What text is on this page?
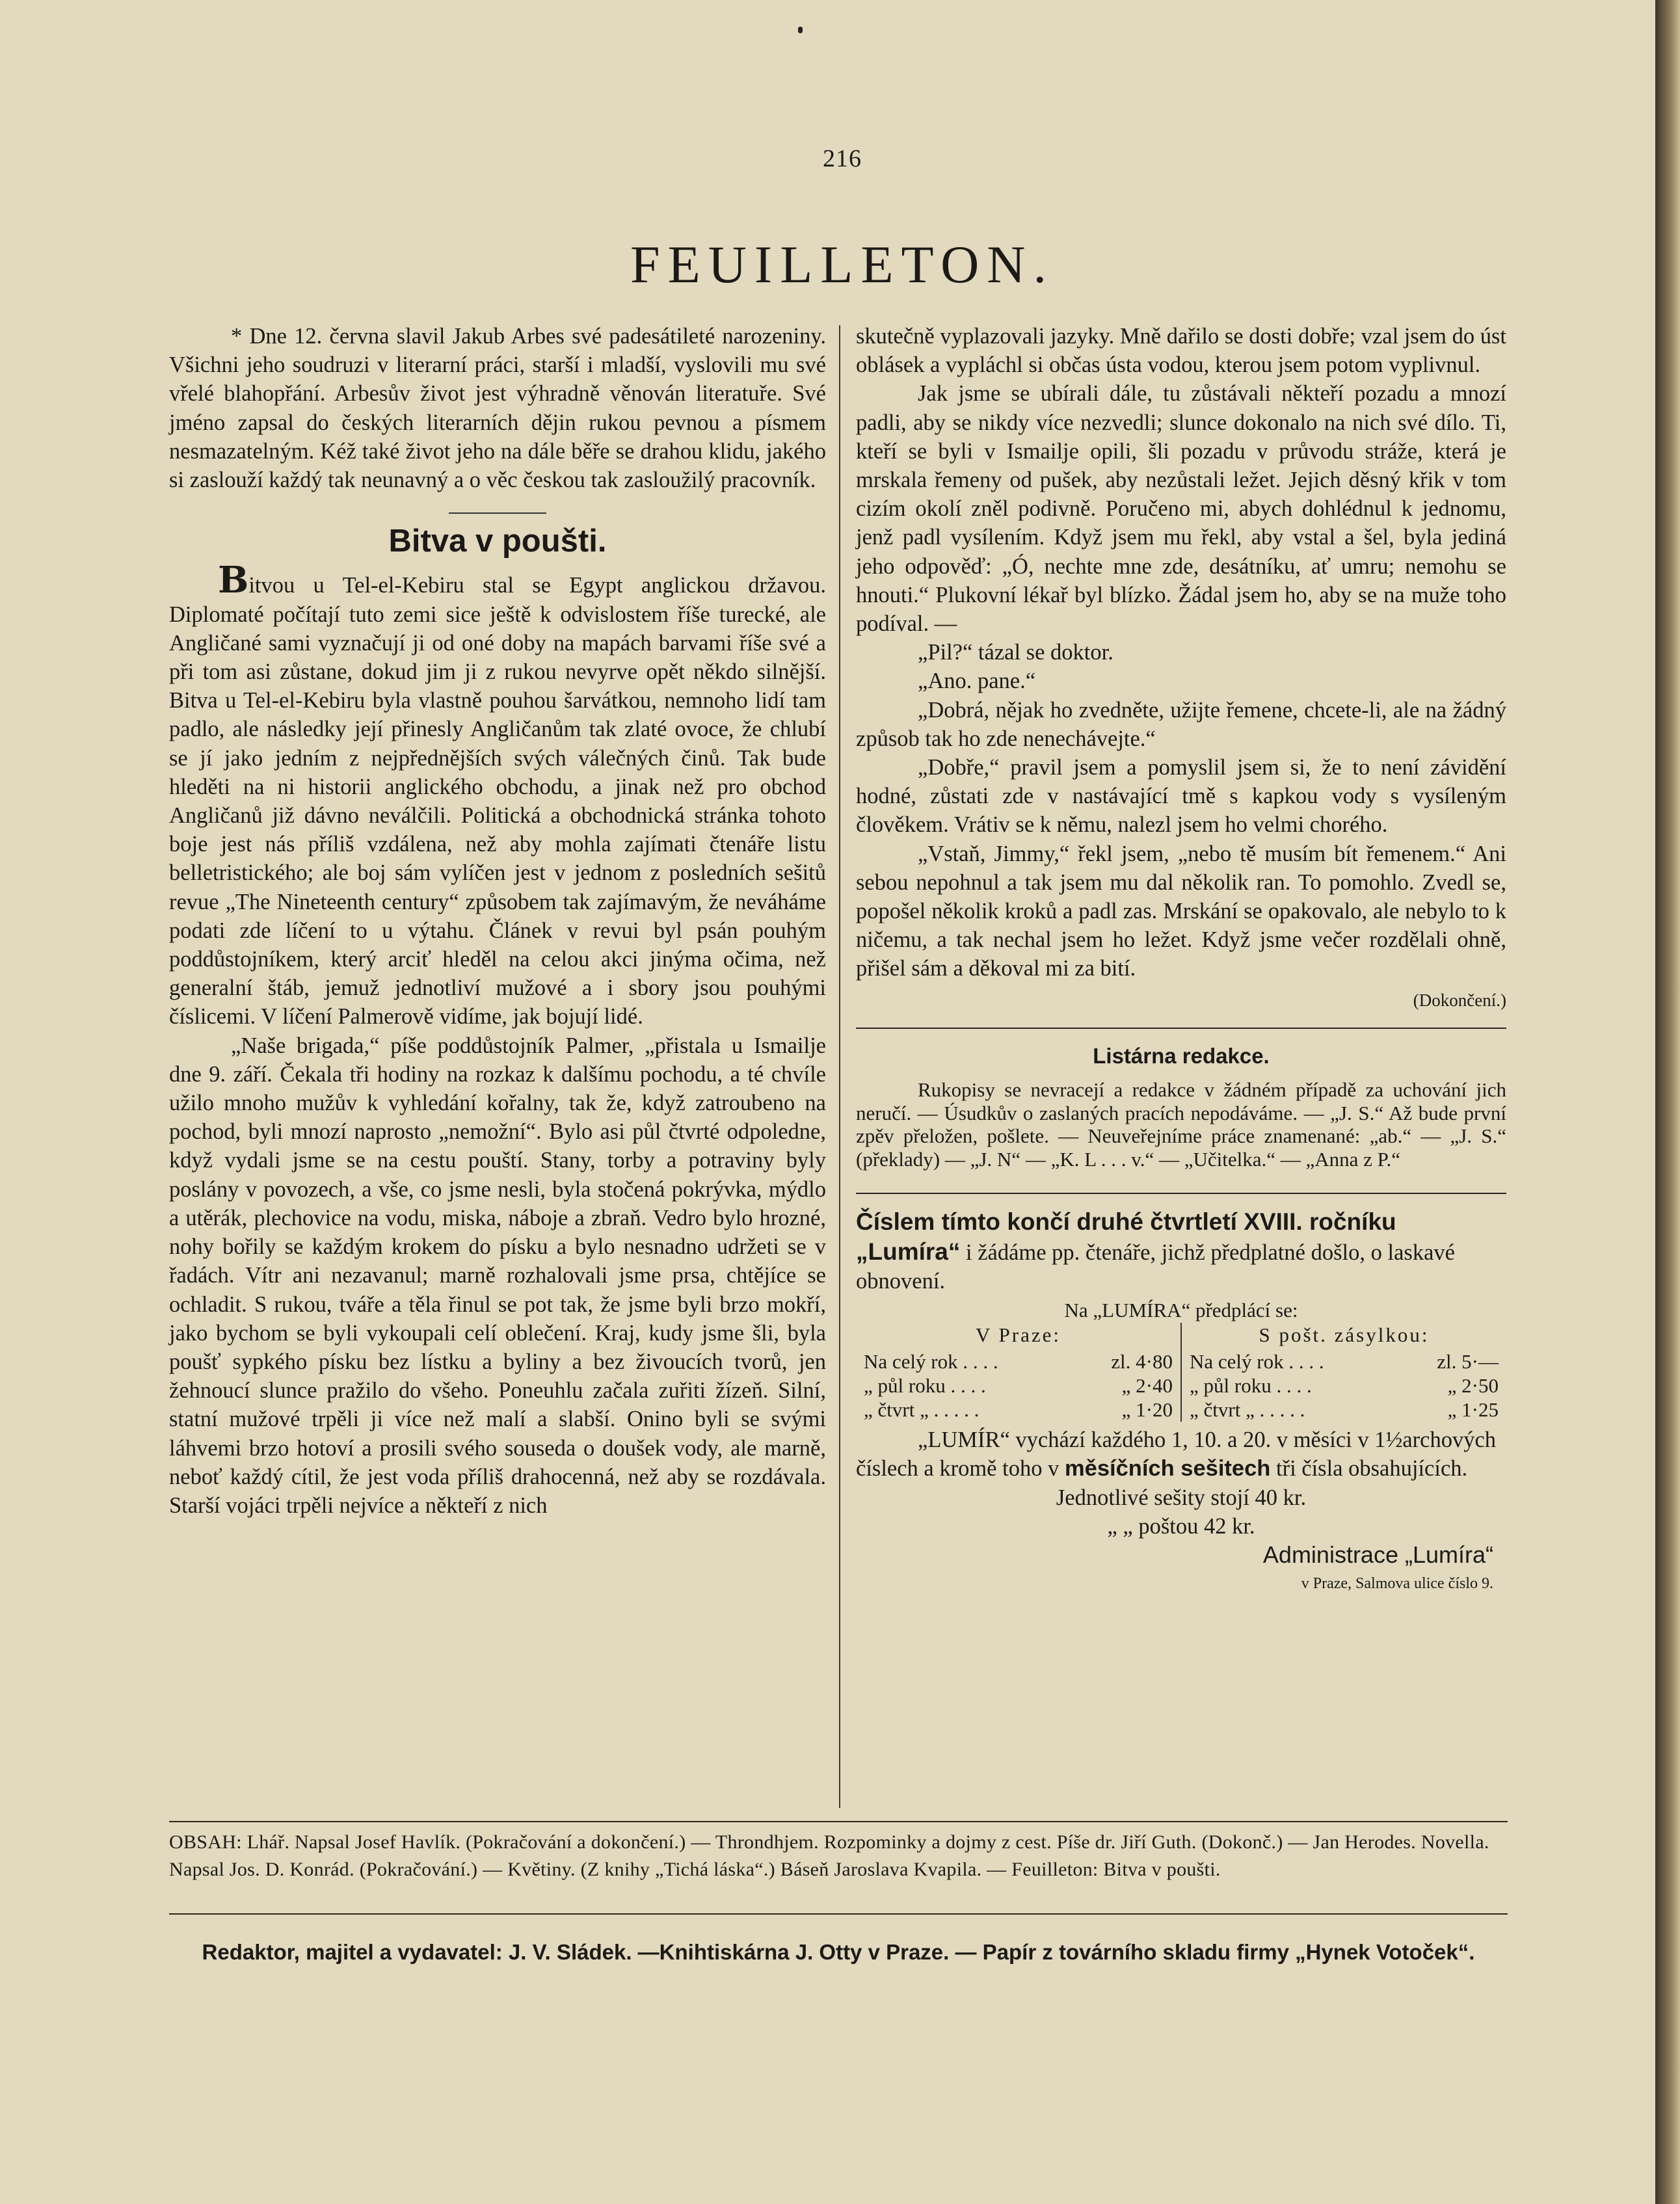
216
FEUILLETON.

* Dne 12. června slavil Jakub Arbes své padesátileté narozeniny. Všichni jeho soudruzi v literarní práci, starší i mladší, vyslovili mu své vřelé blahopřání. Arbesův život jest výhradně věnován literatuře. Své jméno zapsal do českých literarních dějin rukou pevnou a písmem nesmazatelným. Kéž také život jeho na dále běře se drahou klidu, jakého si zaslouží každý tak neunavný a o věc českou tak zasloužilý pracovník.

Bitva v poušti.

Bitvou u Tel-el-Kebiru stal se Egypt anglickou državou. Diplomaté počítají tuto zemi sice ještě k odvislostem říše turecké, ale Angličané sami vyznačují ji od oné doby na mapách barvami říše své a při tom asi zůstane, dokud jim ji z rukou nevyrve opět někdo silnější. Bitva u Tel-el-Kebiru byla vlastně pouhou šarvátkou, nemnoho lidí tam padlo, ale následky její přinesly Angličanům tak zlaté ovoce, že chlubí se jí jako jedním z nejpřednějších svých válečných činů. Tak bude hleděti na ni historii anglického obchodu, a jinak než pro obchod Angličanů již dávno neválčili. Politická a obchodnická stránka tohoto boje jest nás příliš vzdálena, než aby mohla zajímati čtenáře listu belletristického; ale boj sám vylíčen jest v jednom z posledních sešitů revue „The Nineteenth century“ způsobem tak zajímavým, že neváháme podati zde líčení to u výtahu. Článek v revui byl psán pouhým poddůstojníkem, který arciť hleděl na celou akci jinýma očima, než generalní štáb, jemuž jednotliví mužové a i sbory jsou pouhými číslicemi. V líčení Palmerově vidíme, jak bojují lidé.

„Naše brigada,“ píše poddůstojník Palmer, „přistala u Ismailje dne 9. září. Čekala tři hodiny na rozkaz k dalšímu pochodu, a té chvíle užilo mnoho mužův k vyhledání kořalny, tak že, když zatroubeno na pochod, byli mnozí naprosto „nemožní“. Bylo asi půl čtvrté odpoledne, když vydali jsme se na cestu pouští. Stany, torby a potraviny byly poslány v povozech, a vše, co jsme nesli, byla stočená pokrývka, mýdlo a utěrák, plechovice na vodu, miska, náboje a zbraň. Vedro bylo hrozné, nohy bořily se každým krokem do písku a bylo nesnadno udržeti se v řadách. Vítr ani nezavanul; marně rozhalovali jsme prsa, chtějíce se ochladit. S rukou, tváře a těla řinul se pot tak, že jsme byli brzo mokří, jako bychom se byli vykoupali celí oblečení. Kraj, kudy jsme šli, byla poušť sypkého písku bez lístku a byliny a bez živoucích tvorů, jen žehnoucí slunce pražilo do všeho. Poneuhlu začala zuřiti žízeň. Silní, statní mužové trpěli ji více než malí a slabší. Onino byli se svými láhvemi brzo hotoví a prosili svého souseda o doušek vody, ale marně, neboť každý cítil, že jest voda příliš drahocenná, než aby se rozdávala. Starší vojáci trpěli nejvíce a někteří z nich

skutečně vyplazovali jazyky. Mně dařilo se dosti dobře; vzal jsem do úst oblásek a vypláchl si občas ústa vodou, kterou jsem potom vyplivnul.

Jak jsme se ubírali dále, tu zůstávali někteří pozadu a mnozí padli, aby se nikdy více nezvedli; slunce dokonalo na nich své dílo. Ti, kteří se byli v Ismailje opili, šli pozadu v průvodu stráže, která je mrskala řemeny od pušek, aby nezůstali ležet. Jejich děsný křik v tom cizím okolí zněl podivně. Poručeno mi, abych dohlédnul k jednomu, jenž padl vysílením. Když jsem mu řekl, aby vstal a šel, byla jediná jeho odpověď: „Ó, nechte mne zde, desátníku, ať umru; nemohu se hnouti.“ Plukovní lékař byl blízko. Žádal jsem ho, aby se na muže toho podíval. —

„Pil?“ tázal se doktor.

„Ano. pane.“

„Dobrá, nějak ho zvedněte, užijte řemene, chcete-li, ale na žádný způsob tak ho zde nenechávejte.“

„Dobře,“ pravil jsem a pomyslil jsem si, že to není závidění hodné, zůstati zde v nastávající tmě s kapkou vody s vysíleným člověkem. Vrátiv se k němu, nalezl jsem ho velmi chorého.

„Vstaň, Jimmy,“ řekl jsem, „nebo tě musím bít řemenem.“ Ani sebou nepohnul a tak jsem mu dal několik ran. To pomohlo. Zvedl se, popošel několik kroků a padl zas. Mrskání se opakovalo, ale nebylo to k ničemu, a tak nechal jsem ho ležet. Když jsme večer rozdělali ohně, přišel sám a děkoval mi za bití.

(Dokončení.)
Listárna redakce.

Rukopisy se nevracejí a redakce v žádném případě za uchování jich neručí. — Úsudkův o zaslaných pracích nepodáváme. — „J. S.“ Až bude první zpěv přeložen, pošlete. — Neuveřejníme práce znamenané: „ab.“ — „J. S.“ (překlady) — „J. N“ — „K. L . . . v.“ — „Učitelka.“ — „Anna z P.“

Číslem tímto končí druhé čtvrtletí XVIII. ročníku „Lumíra“ i žádáme pp. čtenáře, jichž předplatné došlo, o laskavé obnovení.

Na „LUMÍRA“ předplácí se:
V Praze:
Na celý rok . . . .	zl. 4·80
„ půl roku . . . .	„ 2·40
„ čtvrt „ . . . . .	„ 1·20
S pošt. zásylkou:
Na celý rok . . . .	zl. 5·—
„ půl roku . . . .	„ 2·50
„ čtvrt „ . . . . .	„ 1·25

„LUMÍR“ vychází každého 1, 10. a 20. v měsíci v 1½archových číslech a kromě toho v měsíčních sešitech tři čísla obsahujících.

Jednotlivé sešity stojí 40 kr.
„ „ poštou 42 kr.
Administrace „Lumíra“
v Praze, Salmova ulice číslo 9.
OBSAH: Lhář. Napsal Josef Havlík. (Pokračování a dokončení.) — Throndhjem. Rozpominky a dojmy z cest. Píše dr. Jiří Guth. (Dokonč.) — Jan Herodes. Novella. Napsal Jos. D. Konrád. (Pokračování.) — Květiny. (Z knihy „Tichá láska“.) Báseň Jaroslava Kvapila. — Feuilleton: Bitva v poušti.
Redaktor, majitel a vydavatel: J. V. Sládek. —Knihtiskárna J. Otty v Praze. — Papír z továrního skladu firmy „Hynek Votoček“.
